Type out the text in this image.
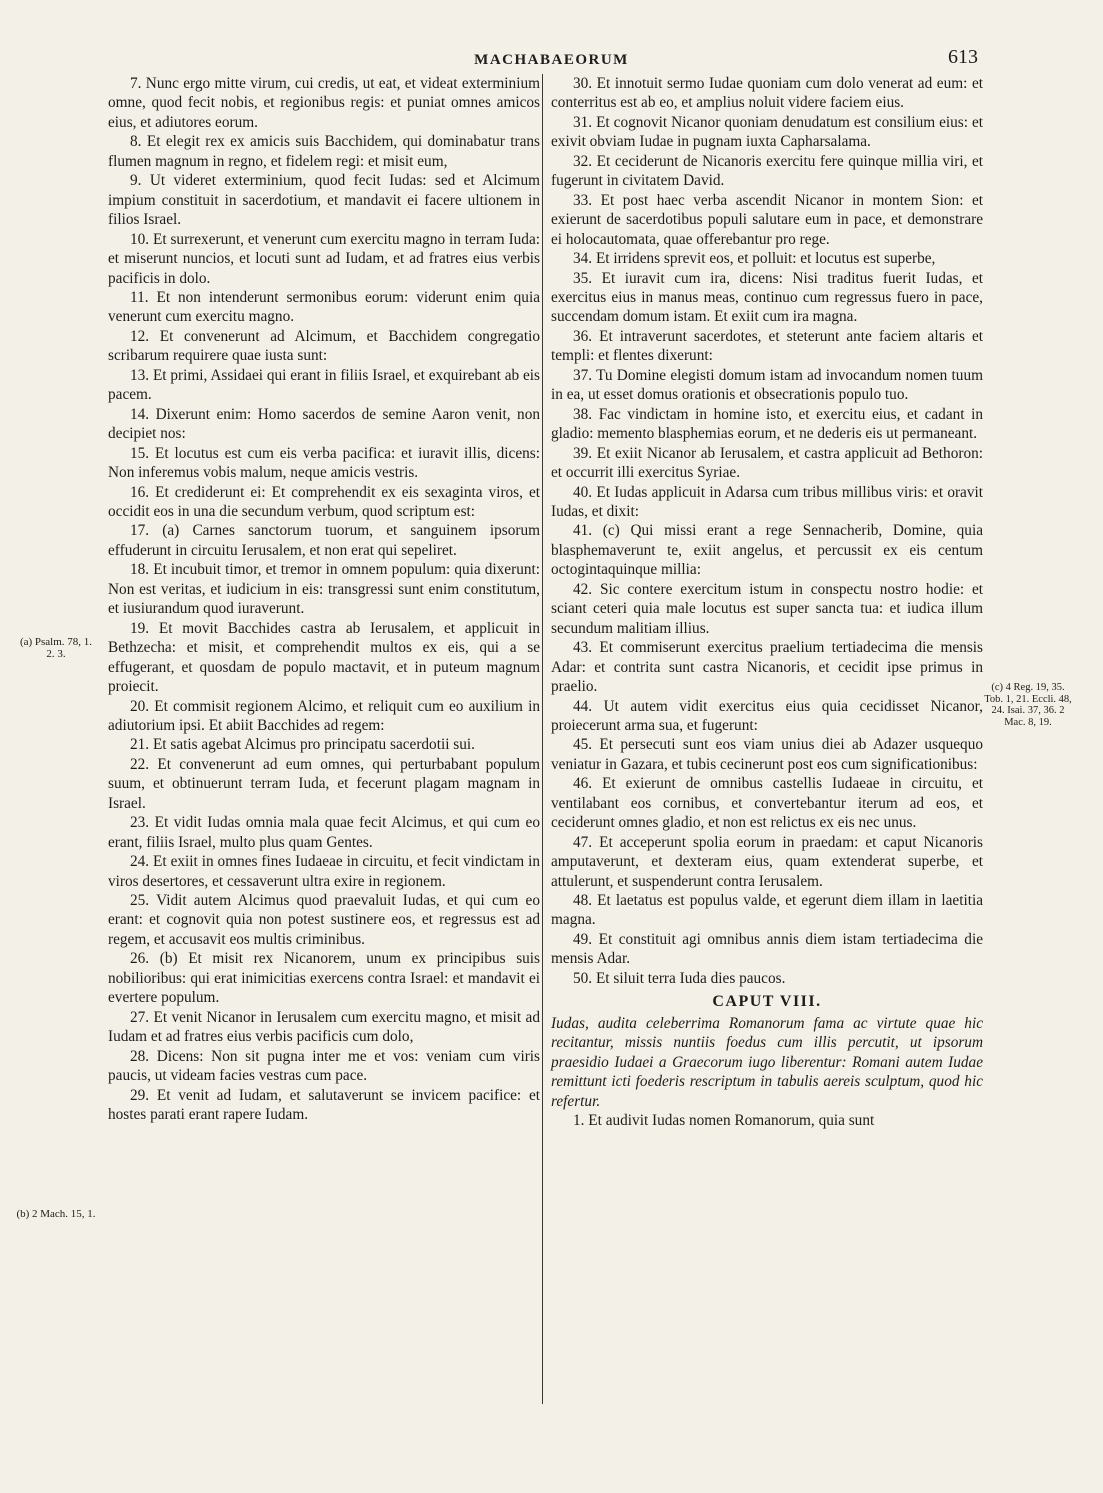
MACHABAEORUM	613

7. Nunc ergo mitte virum, cui credis, ut eat, et videat exterminium omne, quod fecit nobis, et regionibus regis: et puniat omnes amicos eius, et adiutores eorum.

8. Et elegit rex ex amicis suis Bacchidem, qui dominabatur trans flumen magnum in regno, et fidelem regi: et misit eum,

9. Ut videret exterminium, quod fecit Iudas: sed et Alcimum impium constituit in sacerdotium, et mandavit ei facere ultionem in filios Israel.

10. Et surrexerunt, et venerunt cum exercitu magno in terram Iuda: et miserunt nuncios, et locuti sunt ad Iudam, et ad fratres eius verbis pacificis in dolo.

11. Et non intenderunt sermonibus eorum: viderunt enim quia venerunt cum exercitu magno.

12. Et convenerunt ad Alcimum, et Bacchidem congregatio scribarum requirere quae iusta sunt:

13. Et primi, Assidaei qui erant in filiis Israel, et exquirebant ab eis pacem.

14. Dixerunt enim: Homo sacerdos de semine Aaron venit, non decipiet nos:

15. Et locutus est cum eis verba pacifica: et iuravit illis, dicens: Non inferemus vobis malum, neque amicis vestris.

16. Et crediderunt ei: Et comprehendit ex eis sexaginta viros, et occidit eos in una die secundum verbum, quod scriptum est:

17. (a) Carnes sanctorum tuorum, et sanguinem ipsorum effuderunt in circuitu Ierusalem, et non erat qui sepeliret.

18. Et incubuit timor, et tremor in omnem populum: quia dixerunt: Non est veritas, et iudicium in eis: transgressi sunt enim constitutum, et iusiurandum quod iuraverunt.

19. Et movit Bacchides castra ab Ierusalem, et applicuit in Bethzecha: et misit, et comprehendit multos ex eis, qui a se effugerant, et quosdam de populo mactavit, et in puteum magnum proiecit.

20. Et commisit regionem Alcimo, et reliquit cum eo auxilium in adiutorium ipsi. Et abiit Bacchides ad regem:

21. Et satis agebat Alcimus pro principatu sacerdotii sui.

22. Et convenerunt ad eum omnes, qui perturbabant populum suum, et obtinuerunt terram Iuda, et fecerunt plagam magnam in Israel.

23. Et vidit Iudas omnia mala quae fecit Alcimus, et qui cum eo erant, filiis Israel, multo plus quam Gentes.

24. Et exiit in omnes fines Iudaeae in circuitu, et fecit vindictam in viros desertores, et cessaverunt ultra exire in regionem.

25. Vidit autem Alcimus quod praevaluit Iudas, et qui cum eo erant: et cognovit quia non potest sustinere eos, et regressus est ad regem, et accusavit eos multis criminibus.

26. (b) Et misit rex Nicanorem, unum ex principibus suis nobilioribus: qui erat inimicitias exercens contra Israel: et mandavit ei evertere populum.

27. Et venit Nicanor in Ierusalem cum exercitu magno, et misit ad Iudam et ad fratres eius verbis pacificis cum dolo,

28. Dicens: Non sit pugna inter me et vos: veniam cum viris paucis, ut videam facies vestras cum pace.

29. Et venit ad Iudam, et salutaverunt se invicem pacifice: et hostes parati erant rapere Iudam.

30. Et innotuit sermo Iudae quoniam cum dolo venerat ad eum: et conterritus est ab eo, et amplius noluit videre faciem eius.

31. Et cognovit Nicanor quoniam denudatum est consilium eius: et exivit obviam Iudae in pugnam iuxta Capharsalama.

32. Et ceciderunt de Nicanoris exercitu fere quinque millia viri, et fugerunt in civitatem David.

33. Et post haec verba ascendit Nicanor in montem Sion: et exierunt de sacerdotibus populi salutare eum in pace, et demonstrare ei holocautomata, quae offerebantur pro rege.

34. Et irridens sprevit eos, et polluit: et locutus est superbe,

35. Et iuravit cum ira, dicens: Nisi traditus fuerit Iudas, et exercitus eius in manus meas, continuo cum regressus fuero in pace, succendam domum istam. Et exiit cum ira magna.

36. Et intraverunt sacerdotes, et steterunt ante faciem altaris et templi: et flentes dixerunt:

37. Tu Domine elegisti domum istam ad invocandum nomen tuum in ea, ut esset domus orationis et obsecrationis populo tuo.

38. Fac vindictam in homine isto, et exercitu eius, et cadant in gladio: memento blasphemias eorum, et ne dederis eis ut permaneant.

39. Et exiit Nicanor ab Ierusalem, et castra applicuit ad Bethoron: et occurrit illi exercitus Syriae.

40. Et Iudas applicuit in Adarsa cum tribus millibus viris: et oravit Iudas, et dixit:

41. (c) Qui missi erant a rege Sennacherib, Domine, quia blasphemaverunt te, exiit angelus, et percussit ex eis centum octogintaquinque millia:

42. Sic contere exercitum istum in conspectu nostro hodie: et sciant ceteri quia male locutus est super sancta tua: et iudica illum secundum malitiam illius.

43. Et commiserunt exercitus praelium tertiadecima die mensis Adar: et contrita sunt castra Nicanoris, et cecidit ipse primus in praelio.

44. Ut autem vidit exercitus eius quia cecidisset Nicanor, proiecerunt arma sua, et fugerunt:

45. Et persecuti sunt eos viam unius diei ab Adazer usquequo veniatur in Gazara, et tubis cecinerunt post eos cum significationibus:

46. Et exierunt de omnibus castellis Iudaeae in circuitu, et ventilabant eos cornibus, et convertebantur iterum ad eos, et ceciderunt omnes gladio, et non est relictus ex eis nec unus.

47. Et acceperunt spolia eorum in praedam: et caput Nicanoris amputaverunt, et dexteram eius, quam extenderat superbe, et attulerunt, et suspenderunt contra Ierusalem.

48. Et laetatus est populus valde, et egerunt diem illam in laetitia magna.

49. Et constituit agi omnibus annis diem istam tertiadecima die mensis Adar.

50. Et siluit terra Iuda dies paucos.

CAPUT VIII.

Iudas, audita celeberrima Romanorum fama ac virtute quae hic recitantur, missis nuntiis foedus cum illis percutit, ut ipsorum praesidio Iudaei a Graecorum iugo liberentur: Romani autem Iudae remittunt icti foederis rescriptum in tabulis aereis sculptum, quod hic refertur.

1. Et audivit Iudas nomen Romanorum, quia sunt

(a) Psalm. 78, 1. 2. 3.
(b) 2 Mach. 15, 1.
(c) 4 Reg. 19, 35. Tob. 1, 21. Eccli. 48, 24. Isai. 37, 36. 2 Mac. 8, 19.
